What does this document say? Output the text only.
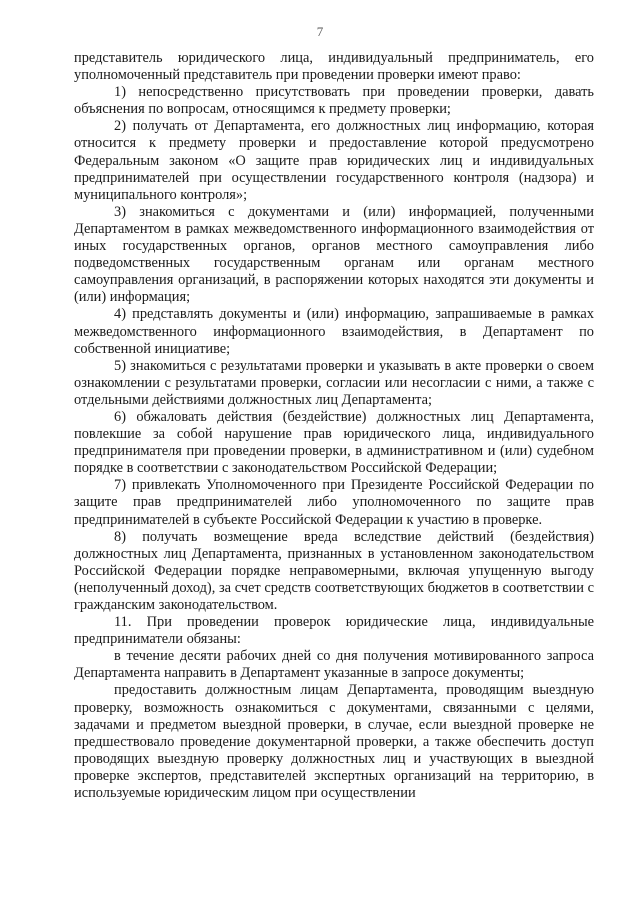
7

представитель юридического лица, индивидуальный предприниматель, его уполномоченный представитель при проведении проверки имеют право:

1) непосредственно присутствовать при проведении проверки, давать объяснения по вопросам, относящимся к предмету проверки;

2) получать от Департамента, его должностных лиц информацию, которая относится к предмету проверки и предоставление которой предусмотрено Федеральным законом «О защите прав юридических лиц и индивидуальных предпринимателей при осуществлении государственного контроля (надзора) и муниципального контроля»;

3) знакомиться с документами и (или) информацией, полученными Департаментом в рамках межведомственного информационного взаимодействия от иных государственных органов, органов местного самоуправления либо подведомственных государственным органам или органам местного самоуправления организаций, в распоряжении которых находятся эти документы и (или) информация;

4) представлять документы и (или) информацию, запрашиваемые в рамках межведомственного информационного взаимодействия, в Департамент по собственной инициативе;

5) знакомиться с результатами проверки и указывать в акте проверки о своем ознакомлении с результатами проверки, согласии или несогласии с ними, а также с отдельными действиями должностных лиц Департамента;

6) обжаловать действия (бездействие) должностных лиц Департамента, повлекшие за собой нарушение прав юридического лица, индивидуального предпринимателя при проведении проверки, в административном и (или) судебном порядке в соответствии с законодательством Российской Федерации;

7) привлекать Уполномоченного при Президенте Российской Федерации по защите прав предпринимателей либо уполномоченного по защите прав предпринимателей в субъекте Российской Федерации к участию в проверке.

8) получать возмещение вреда вследствие действий (бездействия) должностных лиц Департамента, признанных в установленном законодательством Российской Федерации порядке неправомерными, включая упущенную выгоду (неполученный доход), за счет средств соответствующих бюджетов в соответствии с гражданским законодательством.

11. При проведении проверок юридические лица, индивидуальные предприниматели обязаны:

в течение десяти рабочих дней со дня получения мотивированного запроса Департамента направить в Департамент указанные в запросе документы;

предоставить должностным лицам Департамента, проводящим выездную проверку, возможность ознакомиться с документами, связанными с целями, задачами и предметом выездной проверки, в случае, если выездной проверке не предшествовало проведение документарной проверки, а также обеспечить доступ проводящих выездную проверку должностных лиц и участвующих в выездной проверке экспертов, представителей экспертных организаций на территорию, в используемые юридическим лицом при осуществлении
